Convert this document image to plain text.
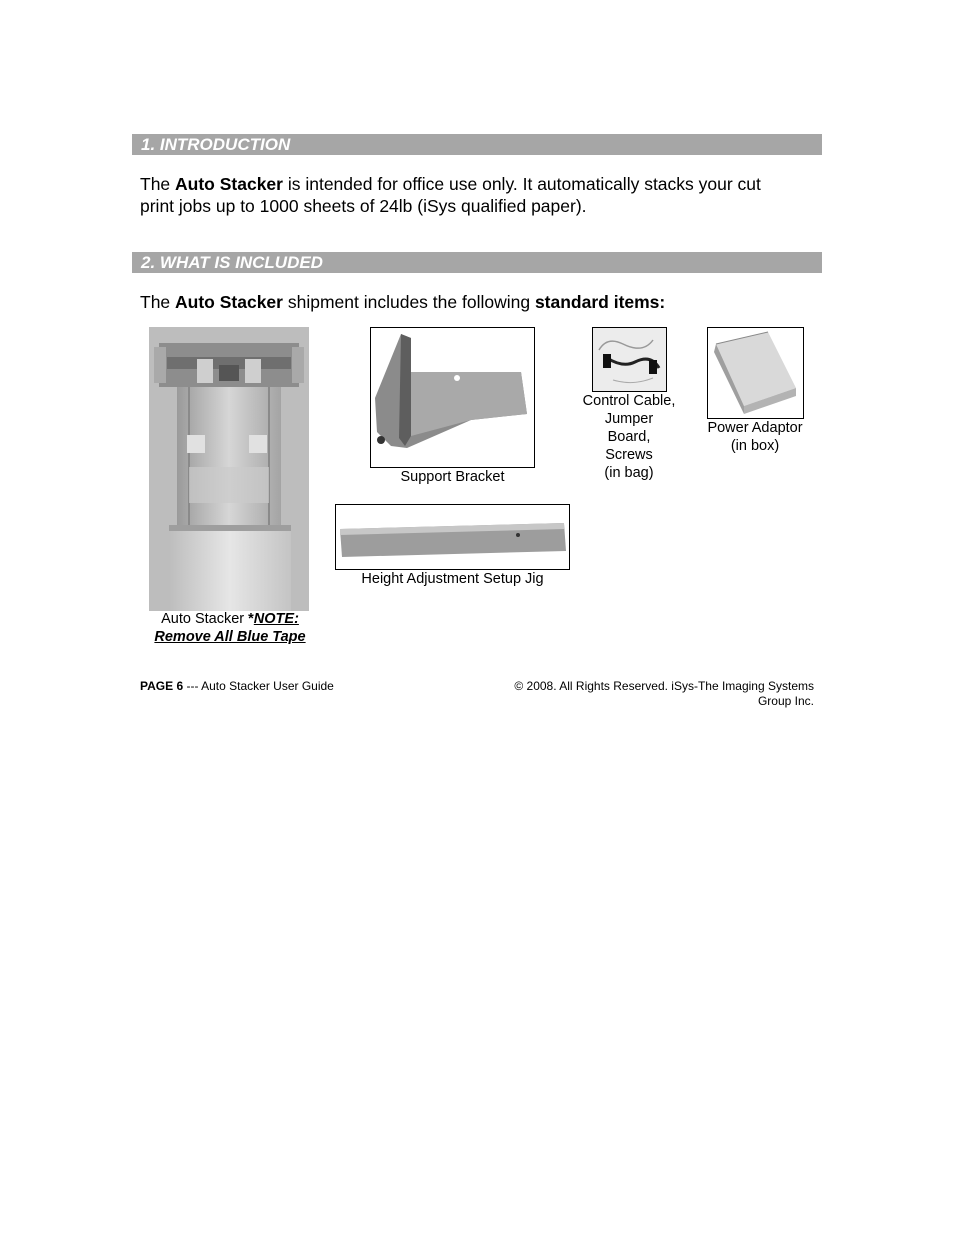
1. INTRODUCTION
The Auto Stacker is intended for office use only. It automatically stacks your cut
print jobs up to 1000 sheets of 24lb (iSys qualified paper).
2. WHAT IS INCLUDED
The Auto Stacker shipment includes the following standard items:
Auto Stacker *NOTE:
Remove All Blue Tape
Support Bracket
Control Cable,
Jumper
Board,
Screws
(in bag)
Power Adaptor
(in box)
Height Adjustment Setup Jig
PAGE 6 --- Auto Stacker User Guide	© 2008. All Rights Reserved. iSys-The Imaging Systems
Group Inc.
